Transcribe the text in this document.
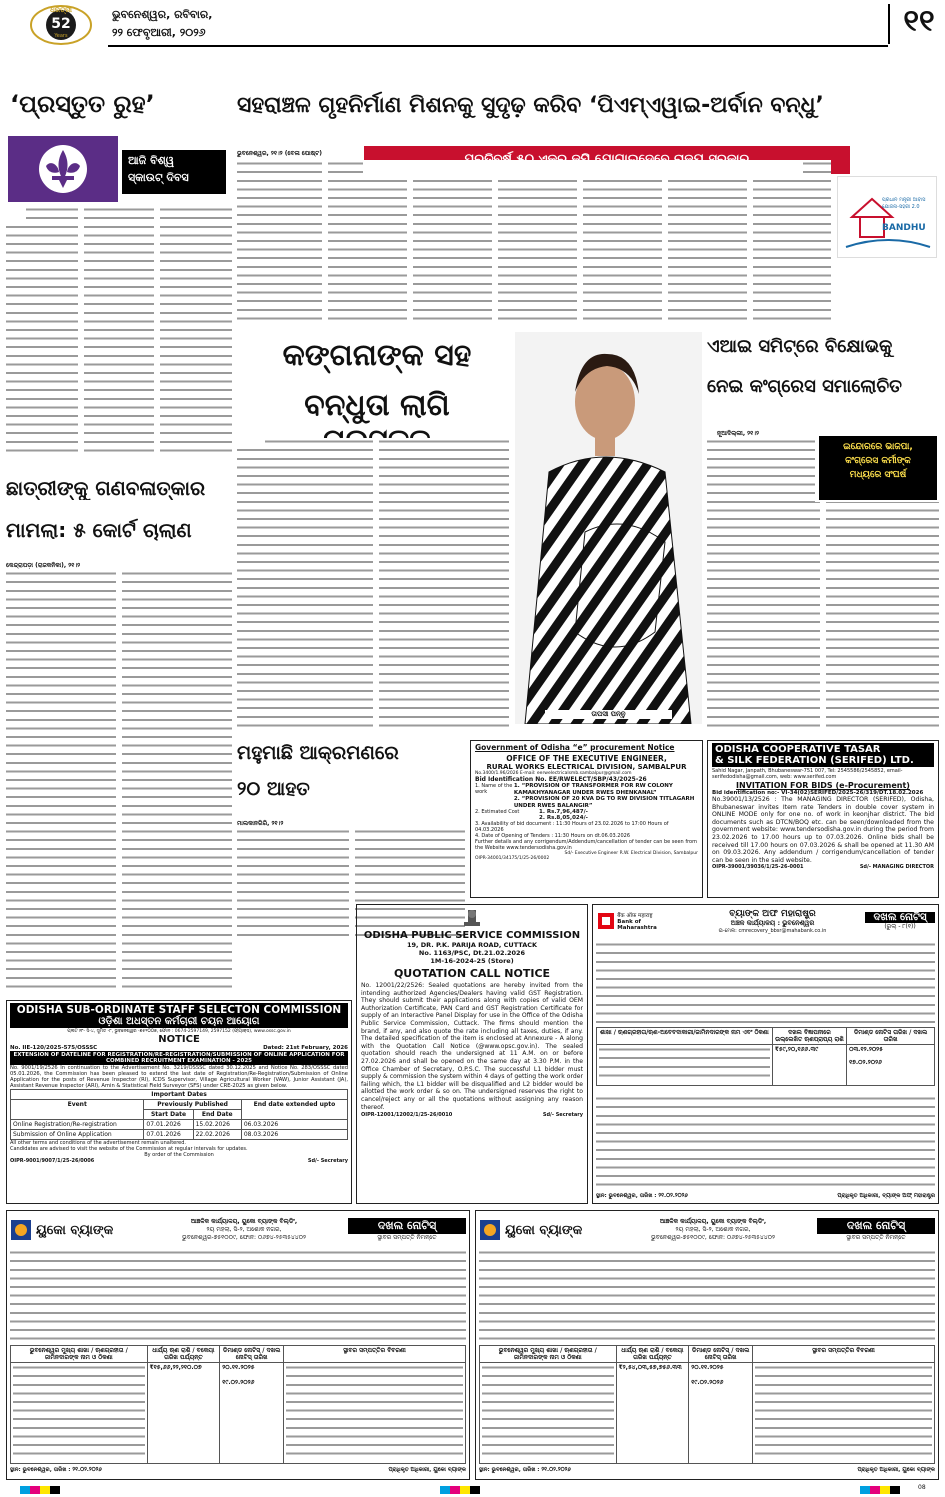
ଧରିତ୍ରୀ
52
Years
ଭୁବନେଶ୍ୱର, ରବିବାର,
୨୨ ଫେବୃଆରୀ, ୨୦୨୬	୧୧
‘ପ୍ରସ୍ତୁତ ରୁହ’
ଆଜି ବିଶ୍ୱ
ସ୍କାଉଟ୍ ଦିବସ
ସହରାଞ୍ଚଳ ଗୃହନିର୍ମାଣ ମିଶନକୁ ସୁଦୃଢ଼ କରିବ ‘ପିଏମ୍‌ଏୱାଇ-ଅର୍ବାନ ବନ୍ଧୁ’
ଭୁବନେଶ୍ୱର, ୨୧।୨ (ବେଳା ପୋଷ୍ଟ)
ପ୍ରଧାନ ମନ୍ତ୍ରୀ ଆବାସ ଯୋଜନା-ସହରୀ 2.0
BANDHU
କଙ୍ଗନାଙ୍କ ସହ
ବନ୍ଧୁତା ଲାଗି
ତାପସୀ ପନ୍ନୁ
ଏଆଇ ସମିଟ୍‌ରେ ବିକ୍ଷୋଭକୁ
ନେଇ କଂଗ୍ରେସ ସମାଲୋଚିତ
ନୂଆଦିଲ୍ଲୀ, ୨୧।୨
ଇନ୍ଦୋରରେ ଭାଜପା,
କଂଗ୍ରେସ କର୍ମୀଙ୍କ
ମଧ୍ୟରେ ସଂଘର୍ଷ
ଛାତ୍ରୀଙ୍କୁ ଗଣବଳାତ୍କାର
ମାମଲା: ୫ କୋର୍ଟ ଚାଲାଣ
କେନ୍ଦ୍ରାପଡ଼ା (ରାଜକନିକା), ୨୧।୨
ମହୁମାଛି ଆକ୍ରମଣରେ
୨୦ ଆହତ
ମାଲକାନଗିରି, ୨୧।୨
Government of Odisha “e” procurement Notice
OFFICE OF THE EXECUTIVE ENGINEER,
RURAL WORKS ELECTRICAL DIVISION, SAMBALPUR
No.3400/1.96/2026 E-mail: eerwelectricalsmb.sambalpur@gmail.com
Bid Identification No. EE/RWELECT/SBP/43/2025-26
1. Name of the work
1. “PROVISION OF TRANSFORMER FOR RW COLONY KAMAKHYANAGAR UNDER RWES DHENKANAL”
2. “PROVISION OF 20 KVA DG TO RW DIVISION TITLAGARH UNDER RWES BALANGIR”
2. Estimated Cost	1. Rs.7,96,487/-
2. Rs.8,05,024/-
3. Availability of bid document : 11:30 Hours of 23.02.2026 to 17:00 Hours of 04.03.2026
4. Date of Opening of Tenders : 11:30 Hours on dt.06.03.2026
Further details and any corrigendum/Addendum/cancellation of tender can be seen from the Website www.tendersodisha.gov.in
Sd/- Executive Engineer R.W. Electrical Division, Sambalpur
OIPR-34001/34175/1/25-26/0002
ODISHA COOPERATIVE TASAR
& SILK FEDERATION (SERIFED) LTD.
Sahid Nagar, Janpath, Bhubaneswar-751 007, Tel: 2545586/2545852, email-serifedodisha@gmail.com, web: www.serifed.com
INVITATION FOR BIDS (e-Procurement)
Bid identification no:- VI-34(02)SERIFED/2025-26/319/DT.18.02.2026
No.39001/13/2526 : The MANAGING DIRECTOR (SERIFED), Odisha, Bhubaneswar invites Item rate Tenders in double cover system in ONLINE MODE only for one no. of work in keonjhar district. The bid documents such as DTCN/BOQ etc. can be seen/downloaded from the government website: www.tendersodisha.gov.in during the period from 23.02.2026 to 17.00 hours up to 07.03.2026. Online bids shall be received till 17.00 hours on 07.03.2026 & shall be opened at 11.30 AM on 09.03.2026. Any addendum / corrigendum/cancellation of tender can be seen in the said website.
OIPR-39001/39036/1/25-26-0001	Sd/- MANAGING DIRECTOR
ODISHA SUB-ORDINATE STAFF SELECTON COMMISSION
ଓଡ଼ିଶା ଅଧସ୍ତନ କର୍ମଚାରୀ ଚୟନ ଆୟୋଗ
ପ୍ଲଟ ନଂ- ସି-୪, ସୁମିତ -୮, ଭୁବନେଶ୍ୱର -୭୫୧୦୦୭, ଫୋନ : 0674-2597149, 2597152 (ଫ୍ୟାକ୍ସ), www.ossc.gov.in
NOTICE
No. IIE-120/2025-575/OSSSC	Dated: 21st February, 2026
EXTENSION OF DATELINE FOR REGISTRATION/RE-REGISTRATION/SUBMISSION OF ONLINE APPLICATION FOR COMBINED RECRUITMENT EXAMINATION - 2025
No. 9001/19/2526 In continuation to the Advertisement No. 3219/OSSSC dated 30.12.2025 and Notice No. 283/OSSSC dated 05.01.2026, the Commission has been pleased to extend the last date of Registration/Re-Registration/Submission of Online Application for the posts of Revenue Inspector (RI), ICDS Supervisor, Village Agricultural Worker (VAW), Junior Assistant (JA), Assistant Revenue Inspector (ARI), Amin & Statistical Field Surveyor (SFS) under CRE-2025 as given below.
Important Dates			
Event	Previously Published		End date extended upto
	Start Date	End Date	
Online Registration/Re-registration	07.01.2026	15.02.2026	06.03.2026
Submission of Online Application	07.01.2026	22.02.2026	08.03.2026
All other terms and conditions of the advertisement remain unaltered.
Candidates are advised to visit the website of the Commission at regular intervals for updates.
By order of the Commission
OIPR-9001/9007/1/25-26/0006	Sd/- Secretary
ODISHA PUBLIC SERVICE COMMISSION
19, DR. P.K. PARIJA ROAD, CUTTACK
No. 1163/PSC, Dt.21.02.2026
1M-16-2024-25 (Store)
QUOTATION CALL NOTICE
No. 12001/22/2526: Sealed quotations are hereby invited from the intending authorized Agencies/Dealers having valid GST Registration. They should submit their applications along with copies of valid OEM Authorization Certificate, PAN Card and GST Registration Certificate for supply of an Interactive Panel Display for use in the Office of the Odisha Public Service Commission, Cuttack. The firms should mention the brand, if any, and also quote the rate including all taxes, duties, if any. The detailed specification of the item is enclosed at Annexure - A along with the Quotation Call Notice (@www.opsc.gov.in). The sealed quotation should reach the undersigned at 11 A.M. on or before 27.02.2026 and shall be opened on the same day at 3.30 P.M. in the Office Chamber of Secretary, O.P.S.C. The successful L1 bidder must supply & commission the system within 4 days of getting the work order failing which, the L1 bidder will be disqualified and L2 bidder would be allotted the work order & so on. The undersigned reserves the right to cancel/reject any or all the quotations without assigning any reason thereof.
OIPR-12001/12002/1/25-26/0010	Sd/- Secretary
बैंक ऑफ़ महाराष्ट्र
Bank of Maharashtra
ବ୍ୟାଙ୍କ ଅଫ ମହାରାଷ୍ଟ୍ର
ଅଞ୍ଚଳ କାର୍ଯ୍ୟାଳୟ : ଭୁବନେଶ୍ୱର
ଇ-ମେଲ: cmrecovery_bbsr@mahabank.co.in
ଦଖଲ ନୋଟିସ୍
(ରୁଲ୍ - ୮(୧))
ଶାଖା / ଋଣଗ୍ରହୀତା/ଋଣ-ଅବେବଦାକାରୀ/ଜାମିନଦାରଙ୍କ ନାମ ଏବଂ ଠିକଣା	ଦଖଲ ବିଜ୍ଞାପନୀରେ ଉଲ୍ଲେଖିତ ଋଣପ୍ରାପ୍ୟ ରାଶି	ଡିମାଣ୍ଡ ନୋଟିସ ତାରିଖ / ଦଖଲ ତାରିଖ

	₹୫୯,୨୦,୧୬୬.୩୯	୦୩.୧୨.୨୦୨୫
୧୭.୦୨.୨୦୨୬
ସ୍ଥାନ: ଭୁବନେଶ୍ୱର, ତାରିଖ : ୨୧.୦୨.୨୦୨୬	ପ୍ରାଧିକୃତ ଅଧିକାରୀ, ବ୍ୟାଙ୍କ ଅଫ୍ ମହାରାଷ୍ଟ୍ର
ୟୁକୋ ବ୍ୟାଙ୍କ
ଆଞ୍ଚଳିକ କାର୍ଯ୍ୟାଳୟ, ୟୁକୋ ବ୍ୟାଙ୍କ ବିଲ୍ଡିଂ,
୨ୟ ମହଲା, ସି-୨, ଅଶୋକ ନଗର,
ଭୁବନେଶ୍ୱର-୭୫୧୦୦୯, ଫୋନ: ୦୬୭୪-୨୫୩୫୪୪୦୨
ଦଖଲ ନୋଟିସ୍
ସ୍ଥାବର ସମ୍ପତ୍ତି ନିମନ୍ତେ
ଭୁବନେଶ୍ୱର ମୁଖ୍ୟ ଶାଖା / ଋଣଗ୍ରହୀତା / ଜାମିନଦାରଙ୍କ ନାମ ଓ ଠିକଣା	ଧାର୍ଯ୍ୟ ଋଣ ରାଶି / ବକେୟା ତାରିଖ ପର୍ଯ୍ୟନ୍ତ	ଡିମାଣ୍ଡ ନୋଟିସ୍ / ଦଖଲ ନୋଟିସ୍ ତାରିଖ	ସ୍ଥାବର ସମ୍ପତ୍ତିର ବିବରଣୀ

	₹୧୫,୬୬,୨୨,୨୧୦.୦୭	୨୦.୧୧.୨୦୨୫
୧୯.୦୨.୨୦୨୬	

ସ୍ଥାନ: ଭୁବନେଶ୍ୱର, ତାରିଖ : ୨୧.୦୨.୨୦୨୬	ପ୍ରାଧିକୃତ ଅଧିକାରୀ, ୟୁକୋ ବ୍ୟାଙ୍କ
ୟୁକୋ ବ୍ୟାଙ୍କ
ଆଞ୍ଚଳିକ କାର୍ଯ୍ୟାଳୟ, ୟୁକୋ ବ୍ୟାଙ୍କ ବିଲ୍ଡିଂ,
୨ୟ ମହଲା, ସି-୨, ଅଶୋକ ନଗର,
ଭୁବନେଶ୍ୱର-୭୫୧୦୦୯, ଫୋନ: ୦୬୭୪-୨୫୩୫୪୪୦୨
ଦଖଲ ନୋଟିସ୍
ସ୍ଥାବର ସମ୍ପତ୍ତି ନିମନ୍ତେ
ଭୁବନେଶ୍ୱର ମୁଖ୍ୟ ଶାଖା / ଋଣଗ୍ରହୀତା / ଜାମିନଦାରଙ୍କ ନାମ ଓ ଠିକଣା	ଧାର୍ଯ୍ୟ ଋଣ ରାଶି / ବକେୟା ତାରିଖ ପର୍ଯ୍ୟନ୍ତ	ଡିମାଣ୍ଡ ନୋଟିସ୍ / ଦଖଲ ନୋଟିସ୍ ତାରିଖ	ସ୍ଥାବର ସମ୍ପତ୍ତିର ବିବରଣୀ

	₹୨,୫୪,୦୩,୫୭,୭୫୬.୩୩	୨୦.୧୧.୨୦୨୫
୧୯.୦୨.୨୦୨୬	

ସ୍ଥାନ: ଭୁବନେଶ୍ୱର, ତାରିଖ : ୨୧.୦୨.୨୦୨୬	ପ୍ରାଧିକୃତ ଅଧିକାରୀ, ୟୁକୋ ବ୍ୟାଙ୍କ
08
